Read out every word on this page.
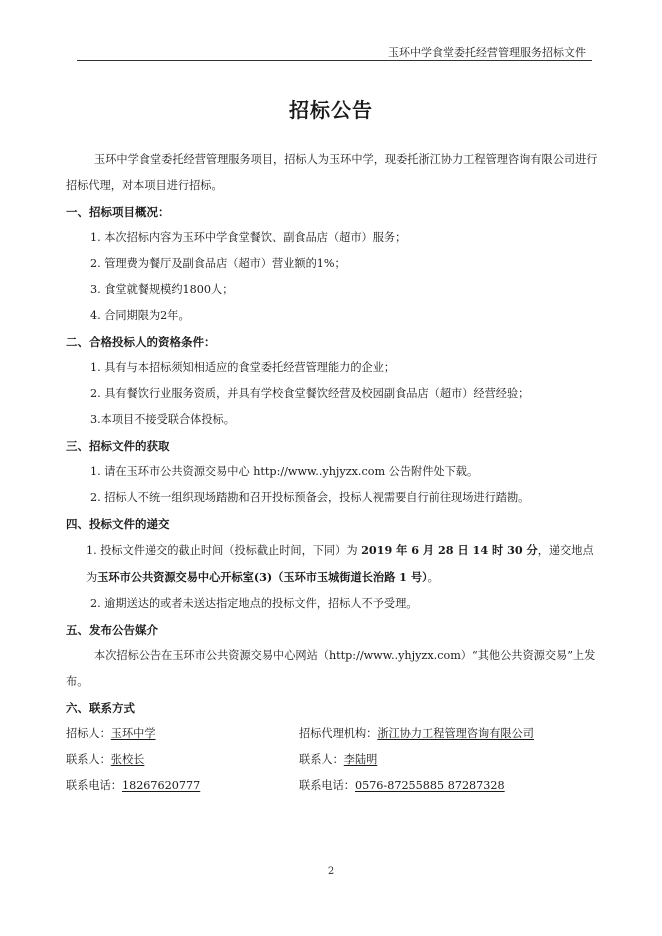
玉环中学食堂委托经营管理服务招标文件
招标公告

玉环中学食堂委托经营管理服务项目，招标人为玉环中学，现委托浙江协力工程管理咨询有限公司进行招标代理，对本项目进行招标。

一、招标项目概况：

1. 本次招标内容为玉环中学食堂餐饮、副食品店（超市）服务；

2. 管理费为餐厅及副食品店（超市）营业额的1%；

3. 食堂就餐规模约1800人；

4. 合同期限为2年。

二、合格投标人的资格条件：

1. 具有与本招标须知相适应的食堂委托经营管理能力的企业；

2. 具有餐饮行业服务资质，并具有学校食堂餐饮经营及校园副食品店（超市）经营经验；

3.本项目不接受联合体投标。

三、招标文件的获取

1. 请在玉环市公共资源交易中心 http://www..yhjyzx.com 公告附件处下载。

2. 招标人不统一组织现场踏勘和召开投标预备会，投标人视需要自行前往现场进行踏勘。

四、投标文件的递交

1. 投标文件递交的截止时间（投标截止时间，下同）为 2019 年 6 月 28 日 14 时 30 分，递交地点为玉环市公共资源交易中心开标室(3)（玉环市玉城街道长治路 1 号）。

2. 逾期送达的或者未送达指定地点的投标文件，招标人不予受理。

五、发布公告媒介

本次招标公告在玉环市公共资源交易中心网站（http://www..yhjyzx.com）“其他公共资源交易”上发布。

六、联系方式

招标人：玉环中学	招标代理机构：浙江协力工程管理咨询有限公司
联系人：张校长	联系人：李陆明
联系电话：18267620777	联系电话：0576-87255885 87287328
2
